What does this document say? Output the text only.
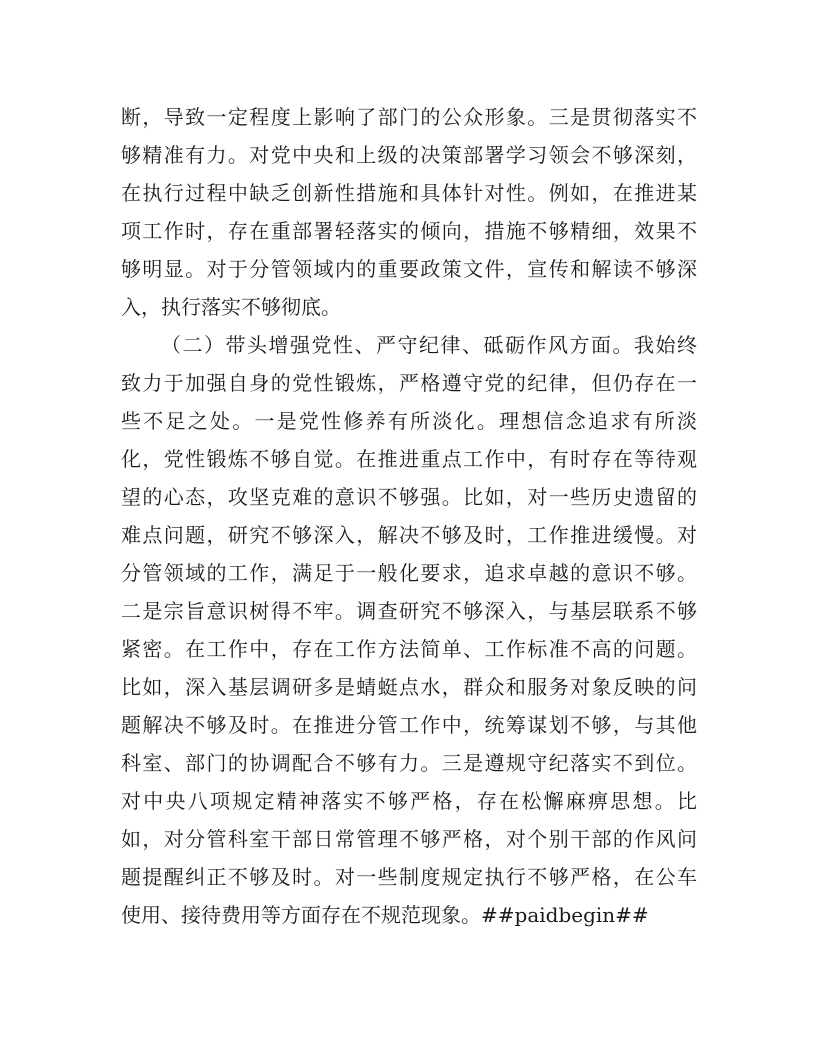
断，导致一定程度上影响了部门的公众形象。三是贯彻落实不
够精准有力。对党中央和上级的决策部署学习领会不够深刻，
在执行过程中缺乏创新性措施和具体针对性。例如，在推进某
项工作时，存在重部署轻落实的倾向，措施不够精细，效果不
够明显。对于分管领域内的重要政策文件，宣传和解读不够深
入，执行落实不够彻底。
（二）带头增强党性、严守纪律、砥砺作风方面。我始终
致力于加强自身的党性锻炼，严格遵守党的纪律，但仍存在一
些不足之处。一是党性修养有所淡化。理想信念追求有所淡
化，党性锻炼不够自觉。在推进重点工作中，有时存在等待观
望的心态，攻坚克难的意识不够强。比如，对一些历史遗留的
难点问题，研究不够深入，解决不够及时，工作推进缓慢。对
分管领域的工作，满足于一般化要求，追求卓越的意识不够。
二是宗旨意识树得不牢。调查研究不够深入，与基层联系不够
紧密。在工作中，存在工作方法简单、工作标准不高的问题。
比如，深入基层调研多是蜻蜓点水，群众和服务对象反映的问
题解决不够及时。在推进分管工作中，统筹谋划不够，与其他
科室、部门的协调配合不够有力。三是遵规守纪落实不到位。
对中央八项规定精神落实不够严格，存在松懈麻痹思想。比
如，对分管科室干部日常管理不够严格，对个别干部的作风问
题提醒纠正不够及时。对一些制度规定执行不够严格，在公车
使用、接待费用等方面存在不规范现象。##paidbegin##
